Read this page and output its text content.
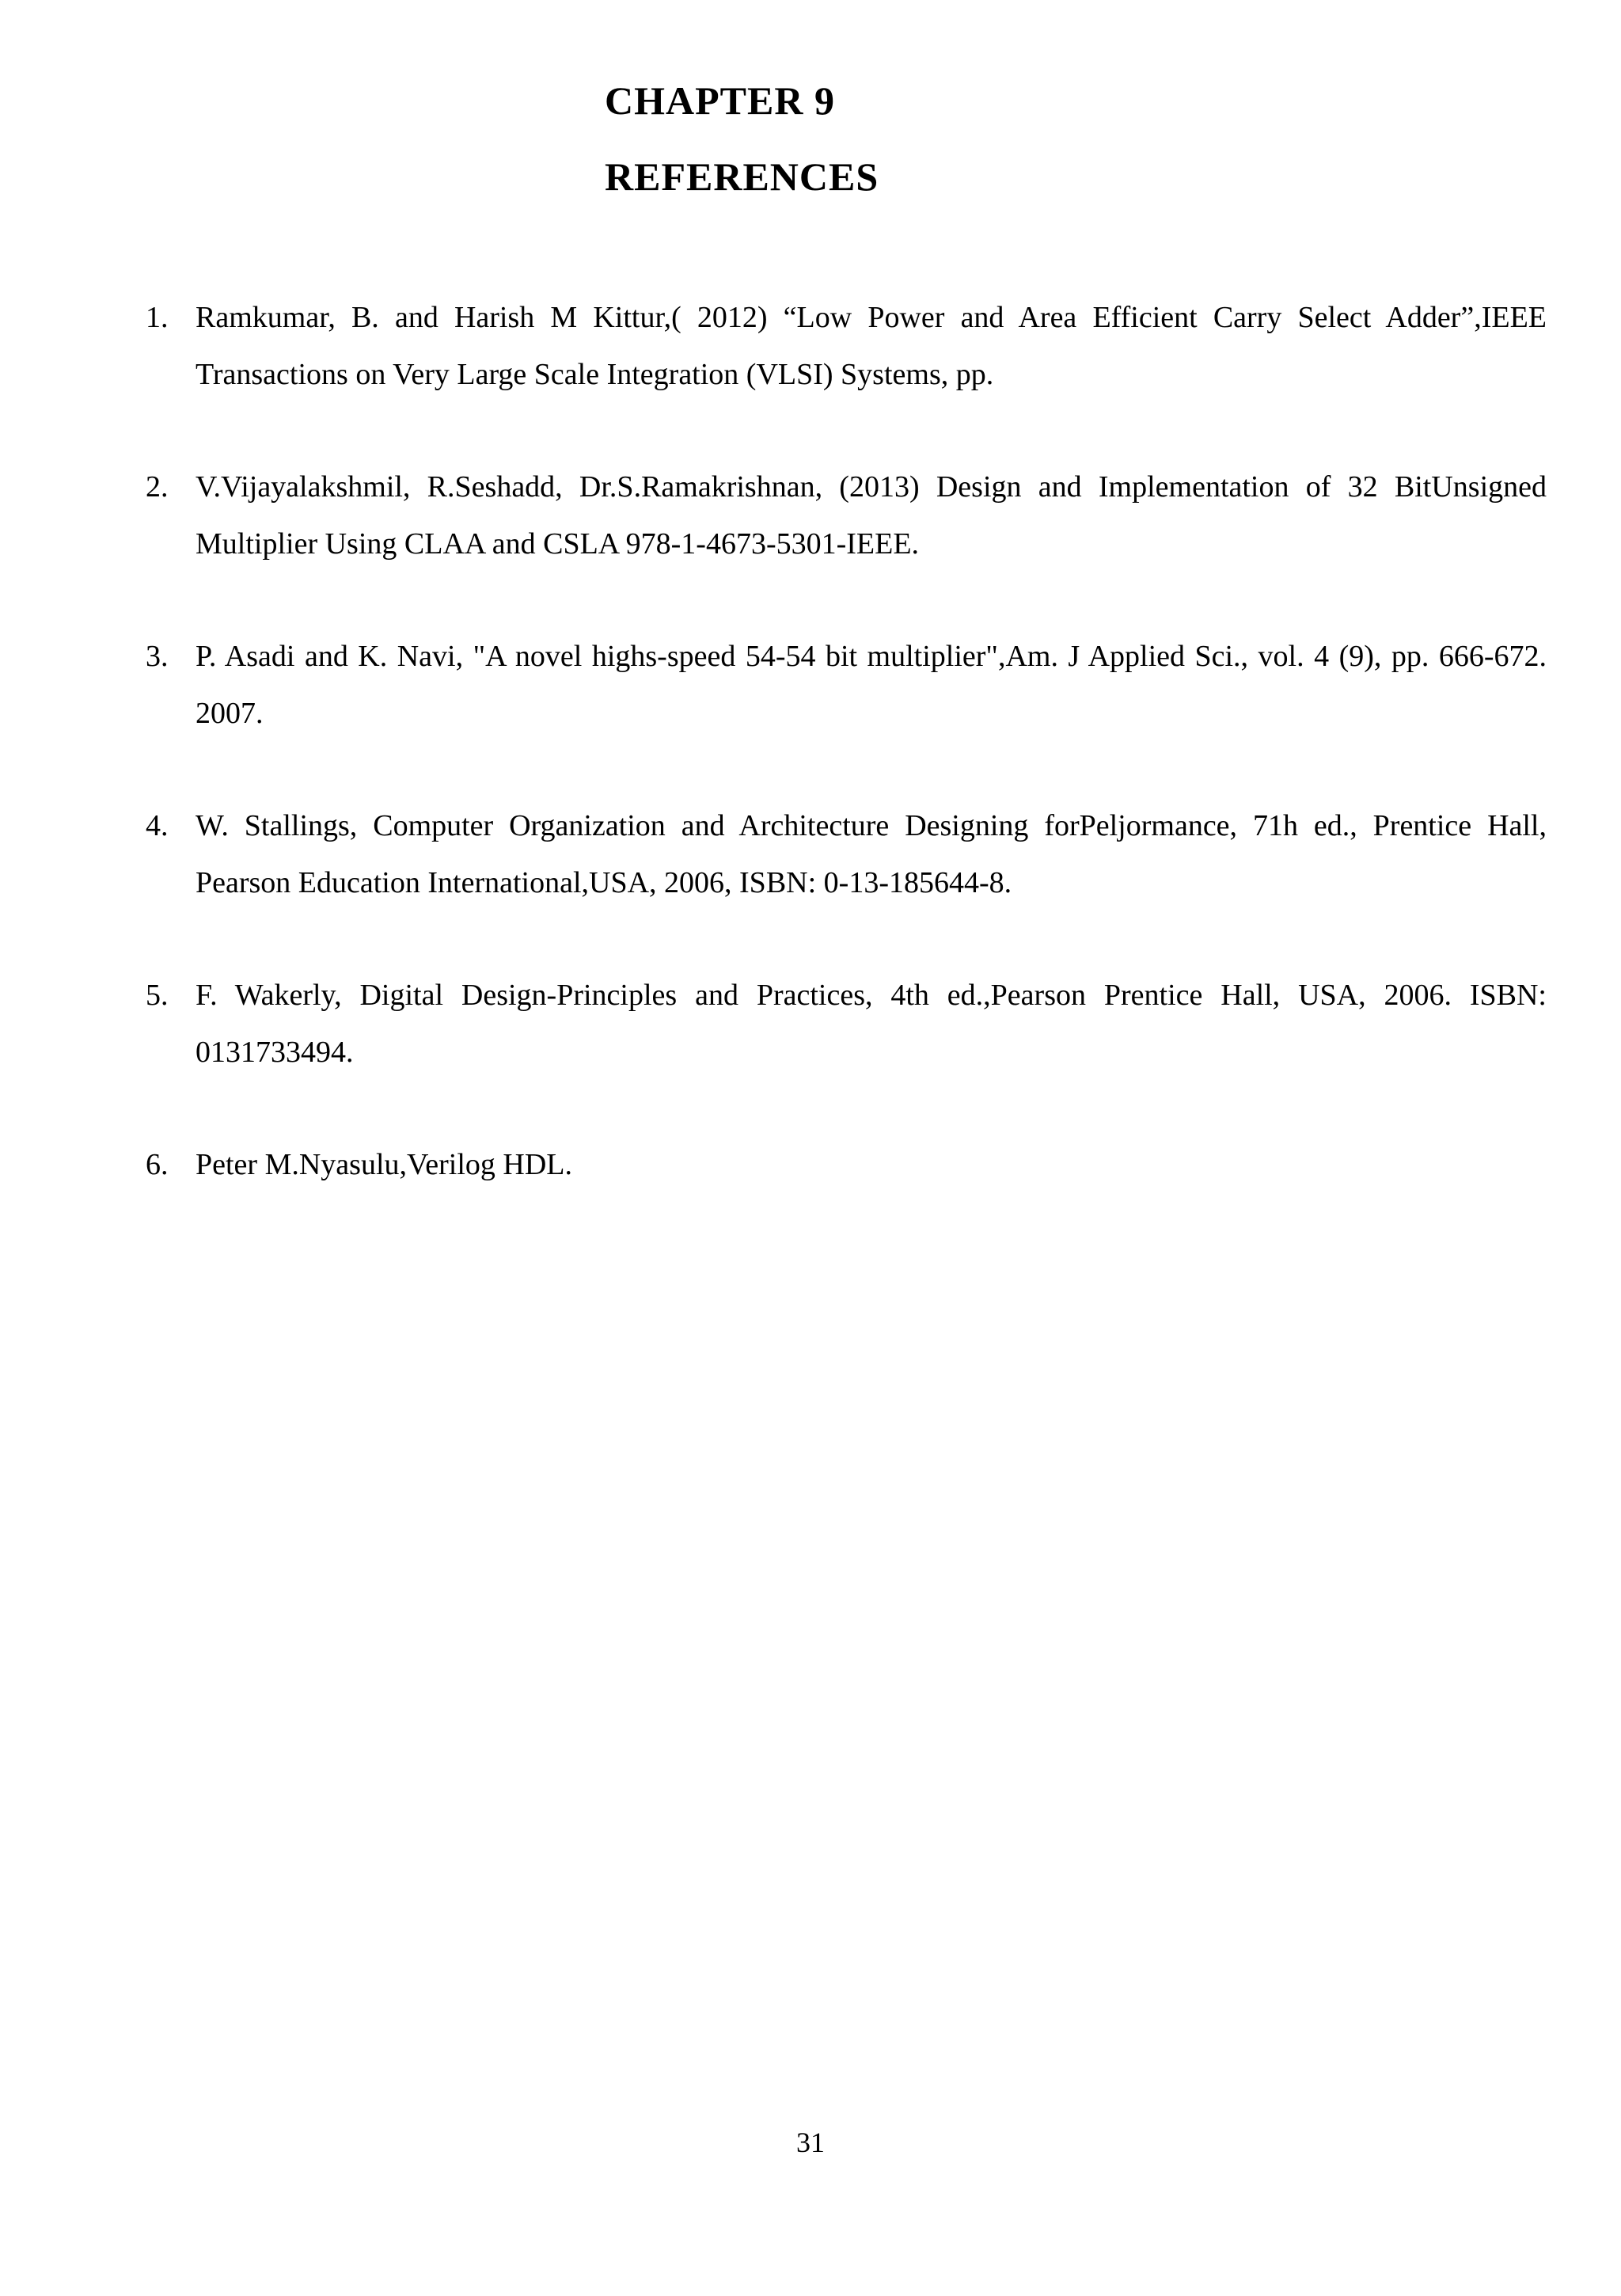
CHAPTER 9
REFERENCES
1. Ramkumar, B. and Harish M Kittur,( 2012) “Low Power and Area Efficient Carry Select Adder”,IEEE Transactions on Very Large Scale Integration (VLSI) Systems, pp.
2. V.Vijayalakshmil, R.Seshadd, Dr.S.Ramakrishnan, (2013) Design and Implementation of 32 BitUnsigned Multiplier Using CLAA and CSLA 978-1-4673-5301-IEEE.
3. P. Asadi and K. Navi, "A novel highs-speed 54-54 bit multiplier",Am. J Applied Sci., vol. 4 (9), pp. 666-672. 2007.
4. W. Stallings, Computer Organization and Architecture Designing forPeljormance, 71h ed., Prentice Hall, Pearson Education International,USA, 2006, ISBN: 0-13-185644-8.
5. F. Wakerly, Digital Design-Principles and Practices, 4th ed.,Pearson Prentice Hall, USA, 2006. ISBN: 0131733494.
6. Peter M.Nyasulu,Verilog HDL.
31
